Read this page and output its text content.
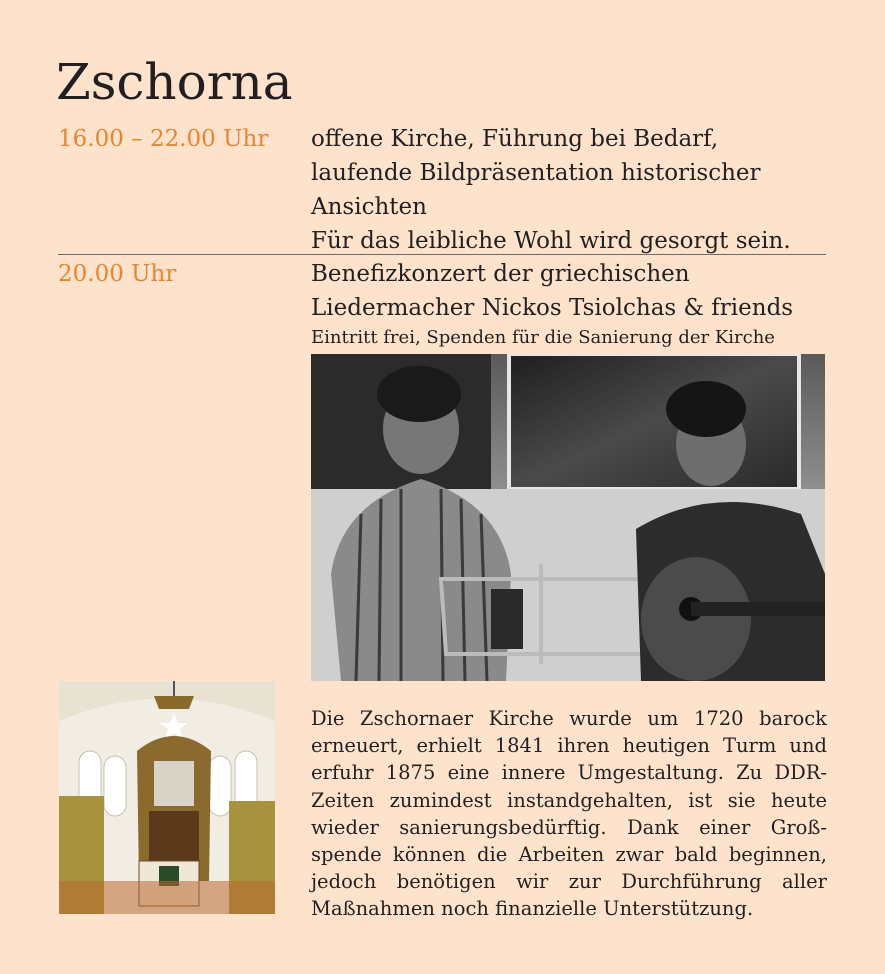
Zschorna
16.00 – 22.00 Uhr offene Kirche, Führung bei Bedarf,
laufende Bildpräsentation historischer
Ansichten
Für das leibliche Wohl wird gesorgt sein.
20.00 Uhr	Benefizkonzert der griechischen
Liedermacher Nickos Tsiolchas & friends
Eintritt frei, Spenden für die Sanierung der Kirche
Die Zschornaer Kirche wurde um 1720 barock
erneuert, erhielt 1841 ihren heutigen Turm und
erfuhr 1875 eine innere Umgestaltung. Zu DDR-
Zeiten zumindest instandgehalten, ist sie heute
wieder sanierungsbedürftig. Dank einer Groß-
spende können die Arbeiten zwar bald beginnen,
jedoch benötigen wir zur Durchführung aller
Maßnahmen noch finanzielle Unterstützung.
